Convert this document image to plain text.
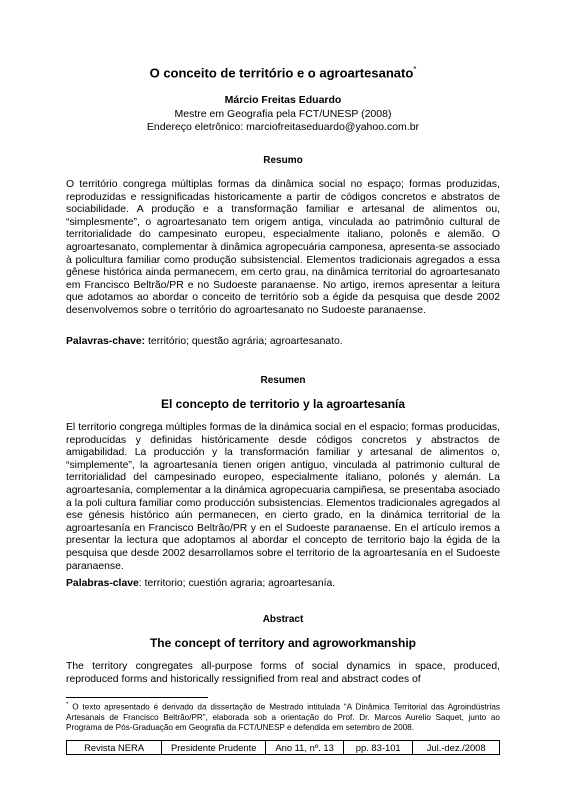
O conceito de território e o agroartesanato*
Márcio Freitas Eduardo
Mestre em Geografia pela FCT/UNESP (2008)
Endereço eletrônico: marciofreitaseduardo@yahoo.com.br
Resumo
O território congrega múltiplas formas da dinâmica social no espaço; formas produzidas, reproduzidas e ressignificadas historicamente a partir de códigos concretos e abstratos de sociabilidade. A produção e a transformação familiar e artesanal de alimentos ou, “simplesmente”, o agroartesanato tem origem antiga, vinculada ao patrimônio cultural de territorialidade do campesinato europeu, especialmente italiano, polonês e alemão. O agroartesanato, complementar à dinâmica agropecuária camponesa, apresenta-se associado à policultura familiar como produção subsistencial. Elementos tradicionais agregados a essa gênese histórica ainda permanecem, em certo grau, na dinâmica territorial do agroartesanato em Francisco Beltrão/PR e no Sudoeste paranaense. No artigo, iremos apresentar a leitura que adotamos ao abordar o conceito de território sob a égide da pesquisa que desde 2002 desenvolvemos sobre o território do agroartesanato no Sudoeste paranaense.
Palavras-chave: território; questão agrária; agroartesanato.
Resumen
El concepto de territorio y la agroartesanía
El territorio congrega múltiples formas de la dinámica social en el espacio; formas producidas, reproducidas y definidas históricamente desde códigos concretos y abstractos de amigabilidad. La producción y la transformación familiar y artesanal de alimentos o, “simplemente”, la agroartesanía tienen origen antiguo, vinculada al patrimonio cultural de territorialidad del campesinado europeo, especialmente italiano, polonés y alemán. La agroartesanía, complementar a la dinámica agropecuaria campiñesa, se presentaba asociado a la poli cultura familiar como producción subsistencias. Elementos tradicionales agregados al ese génesis histórico aún permanecen, en cierto grado, en la dinámica territorial de la agroartesanía en Francisco Beltrão/PR y en el Sudoeste paranaense. En el artículo iremos a presentar la lectura que adoptamos al abordar el concepto de territorio bajo la égida de la pesquisa que desde 2002 desarrollamos sobre el territorio de la agroartesanía en el Sudoeste paranaense.
Palabras-clave: territorio; cuestión agraria; agroartesanía.
Abstract
The concept of territory and agroworkmanship
The territory congregates all-purpose forms of social dynamics in space, produced, reproduced forms and historically ressignified from real and abstract codes of
* O texto apresentado é derivado da dissertação de Mestrado intitulada “A Dinâmica Territorial das Agroindústrias Artesanais de Francisco Beltrão/PR”, elaborada sob a orientação do Prof. Dr. Marcos Aurelio Saquet, junto ao Programa de Pós-Graduação em Geografia da FCT/UNESP e defendida em setembro de 2008.
Revista NERA	Presidente Prudente	Ano 11, nº. 13	pp. 83-101	Jul.-dez./2008
